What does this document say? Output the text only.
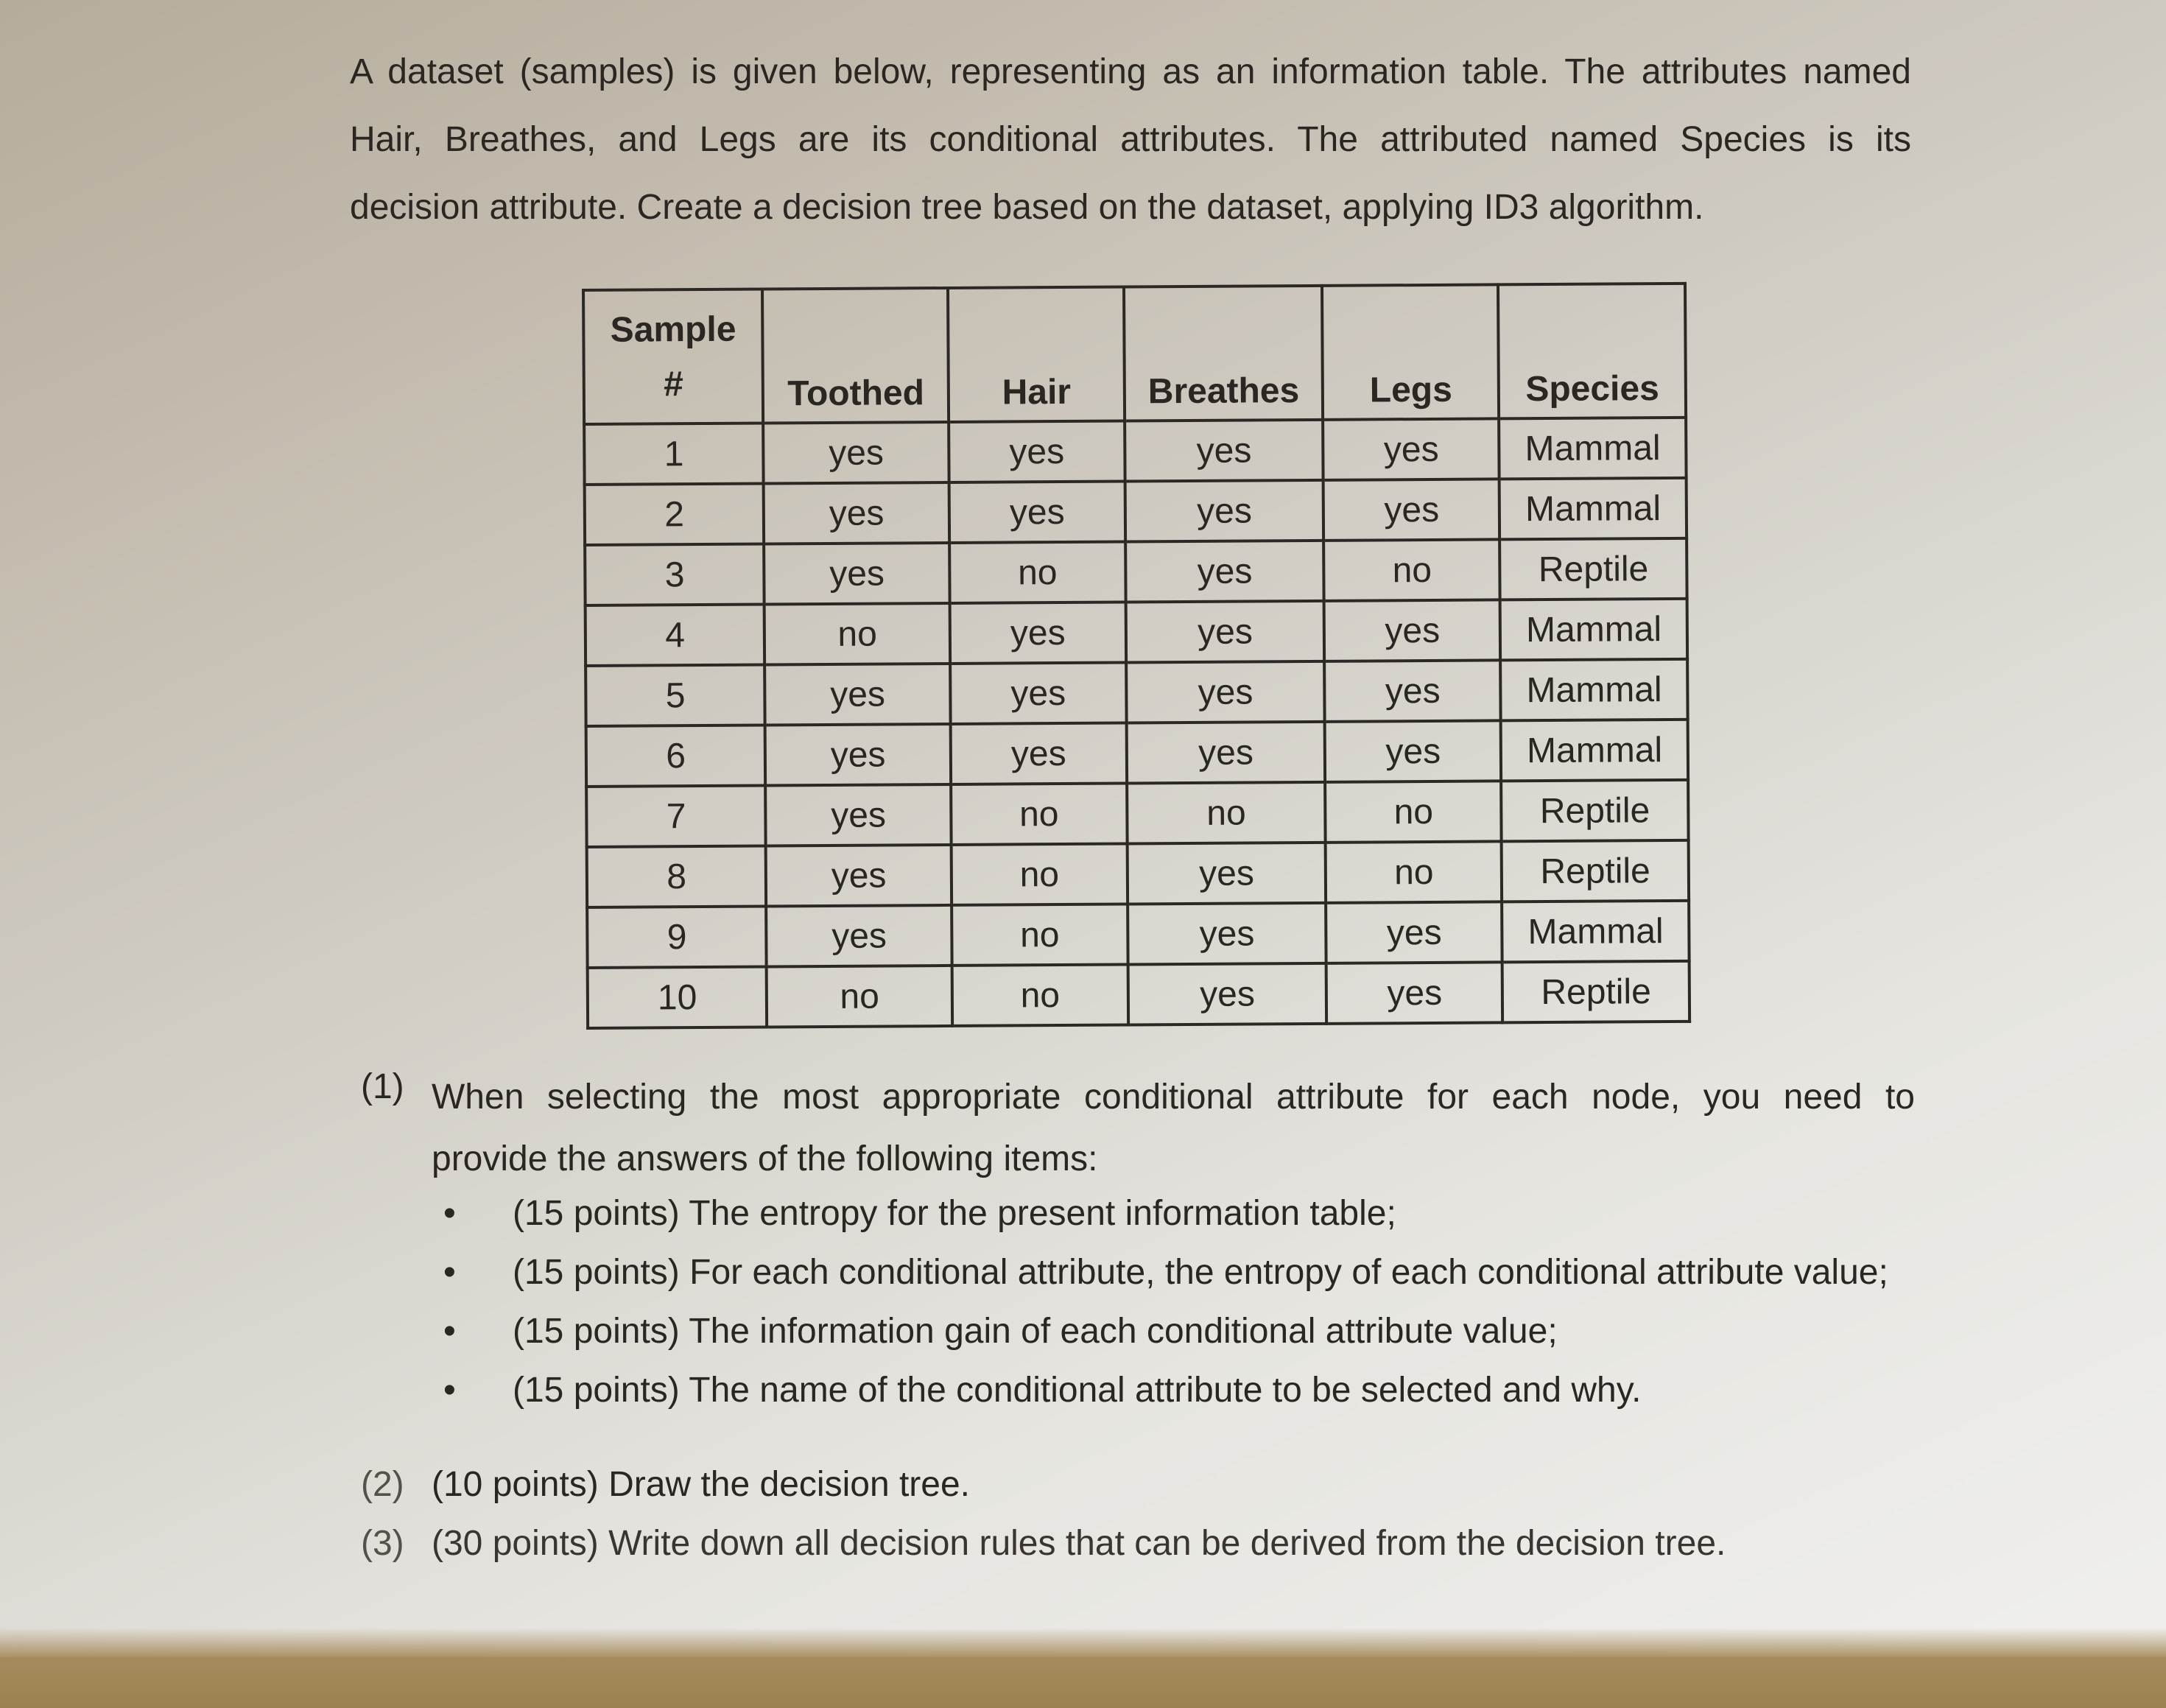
A dataset (samples) is given below, representing as an information table. The attributes named
Hair, Breathes, and Legs are its conditional attributes. The attributed named Species is its
decision attribute. Create a decision tree based on the dataset, applying ID3 algorithm.
Sample
#	Toothed	Hair	Breathes	Legs	Species
1	yes	yes	yes	yes	Mammal
2	yes	yes	yes	yes	Mammal
3	yes	no	yes	no	Reptile
4	no	yes	yes	yes	Mammal
5	yes	yes	yes	yes	Mammal
6	yes	yes	yes	yes	Mammal
7	yes	no	no	no	Reptile
8	yes	no	yes	no	Reptile
9	yes	no	yes	yes	Mammal
10	no	no	yes	yes	Reptile
(1) When selecting the most appropriate conditional attribute for each node, you need to
provide the answers of the following items:
• (15 points) The entropy for the present information table;
• (15 points) For each conditional attribute, the entropy of each conditional attribute value;
• (15 points) The information gain of each conditional attribute value;
• (15 points) The name of the conditional attribute to be selected and why.
(2) (10 points) Draw the decision tree.
(3) (30 points) Write down all decision rules that can be derived from the decision tree.
